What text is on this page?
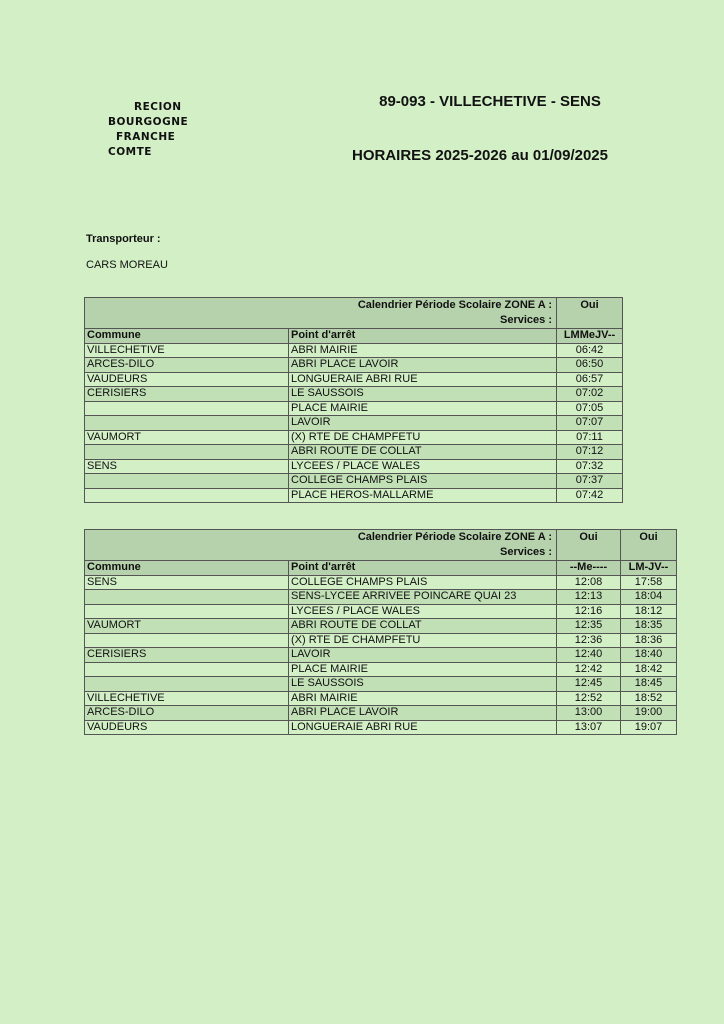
RECION
BOURGOGNE
FRANCHE
COMTE
89-093 - VILLECHETIVE - SENS
HORAIRES 2025-2026 au 01/09/2025
Transporteur :
CARS MOREAU
Calendrier Période Scolaire ZONE A :		Oui
Services :		
Commune	Point d'arrêt	LMMeJV--
VILLECHETIVE	ABRI MAIRIE	06:42
ARCES-DILO	ABRI PLACE LAVOIR	06:50
VAUDEURS	LONGUERAIE ABRI RUE	06:57
CERISIERS	LE SAUSSOIS	07:02
	PLACE MAIRIE	07:05
	LAVOIR	07:07
VAUMORT	(X) RTE DE CHAMPFETU	07:11
	ABRI ROUTE DE COLLAT	07:12
SENS	LYCEES / PLACE WALES	07:32
	COLLEGE CHAMPS PLAIS	07:37
	PLACE HEROS-MALLARME	07:42
Calendrier Période Scolaire ZONE A :		Oui	Oui
Services :			
Commune	Point d'arrêt	--Me----	LM-JV--
SENS	COLLEGE CHAMPS PLAIS	12:08	17:58
	SENS-LYCEE ARRIVEE POINCARE QUAI 23	12:13	18:04
	LYCEES / PLACE WALES	12:16	18:12
VAUMORT	ABRI ROUTE DE COLLAT	12:35	18:35
	(X) RTE DE CHAMPFETU	12:36	18:36
CERISIERS	LAVOIR	12:40	18:40
	PLACE MAIRIE	12:42	18:42
	LE SAUSSOIS	12:45	18:45
VILLECHETIVE	ABRI MAIRIE	12:52	18:52
ARCES-DILO	ABRI PLACE LAVOIR	13:00	19:00
VAUDEURS	LONGUERAIE ABRI RUE	13:07	19:07
